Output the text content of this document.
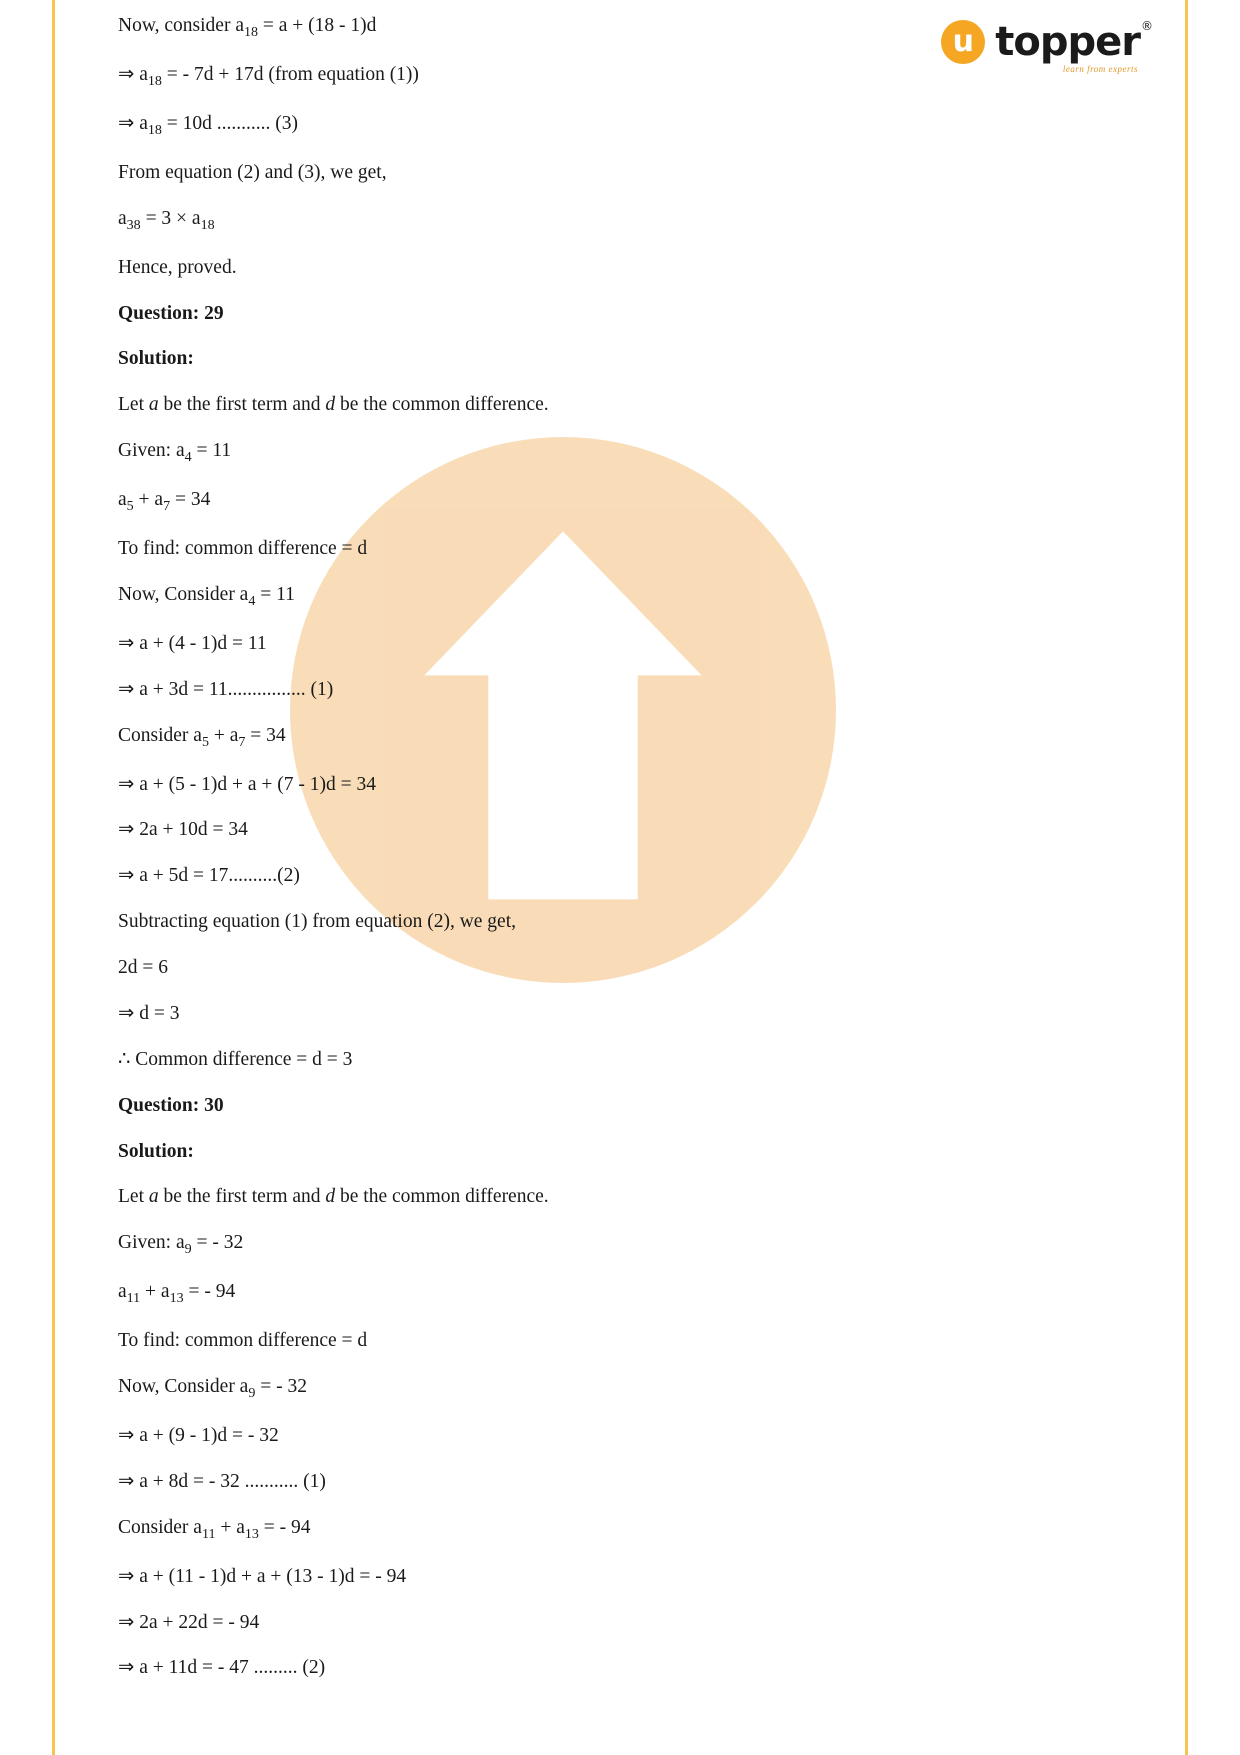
u topper ®
learn from experts

Now, consider $a_{18} = a + (18 - 1)d$

⇒ $a_{18}$ = - 7d + 17d (from equation (1))

⇒ $a_{18} = 10d$ ........... (3)

From equation (2) and (3), we get,

$a_{38} = 3 \times a_{18}$

Hence, proved.

Question: 29

Solution:

Let a be the first term and d be the common difference.

Given: $a_4 = 11$

$a_5 + a_7 = 34$

To find: common difference = d

Now, Consider $a_4 = 11$

⇒ a + (4 - 1)d = 11

⇒ a + 3d = 11................ (1)

Consider $a_5 + a_7 = 34$

⇒ a + (5 - 1)d + a + (7 - 1)d = 34

⇒ 2a + 10d = 34

⇒ a + 5d = 17..........(2)

Subtracting equation (1) from equation (2), we get,

2d = 6

⇒ d = 3

∴ Common difference = d = 3

Question: 30

Solution:

Let a be the first term and d be the common difference.

Given: $a_9$ = - 32

$a_{11} + a_{13}$ = - 94

To find: common difference = d

Now, Consider $a_9$ = - 32

⇒ a + (9 - 1)d = - 32

⇒ a + 8d = - 32 ........... (1)

Consider $a_{11} + a_{13}$ = - 94

⇒ a + (11 - 1)d + a + (13 - 1)d = - 94

⇒ 2a + 22d = - 94

⇒ a + 11d = - 47 ......... (2)
